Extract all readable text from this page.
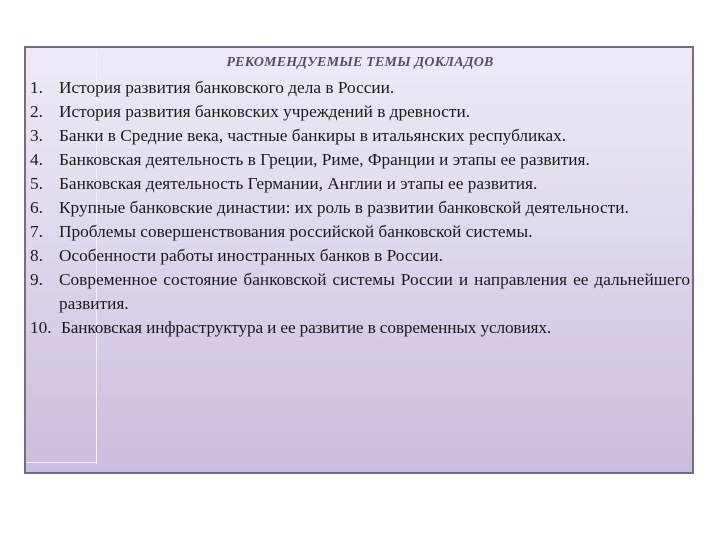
РЕКОМЕНДУЕМЫЕ ТЕМЫ ДОКЛАДОВ
1. История развития банковского дела в России.
2. История развития банковских учреждений в древности.
3. Банки в Средние века, частные банкиры в итальянских республиках.
4. Банковская деятельность в Греции, Риме, Франции и этапы ее развития.
5. Банковская деятельность Германии, Англии и этапы ее развития.
6. Крупные банковские династии: их роль в развитии банковской деятельности.
7. Проблемы совершенствования российской банковской системы.
8. Особенности работы иностранных банков в России.
9. Современное состояние банковской системы России и направления ее дальнейшего развития.
10. Банковская инфраструктура и ее развитие в современных условиях.
